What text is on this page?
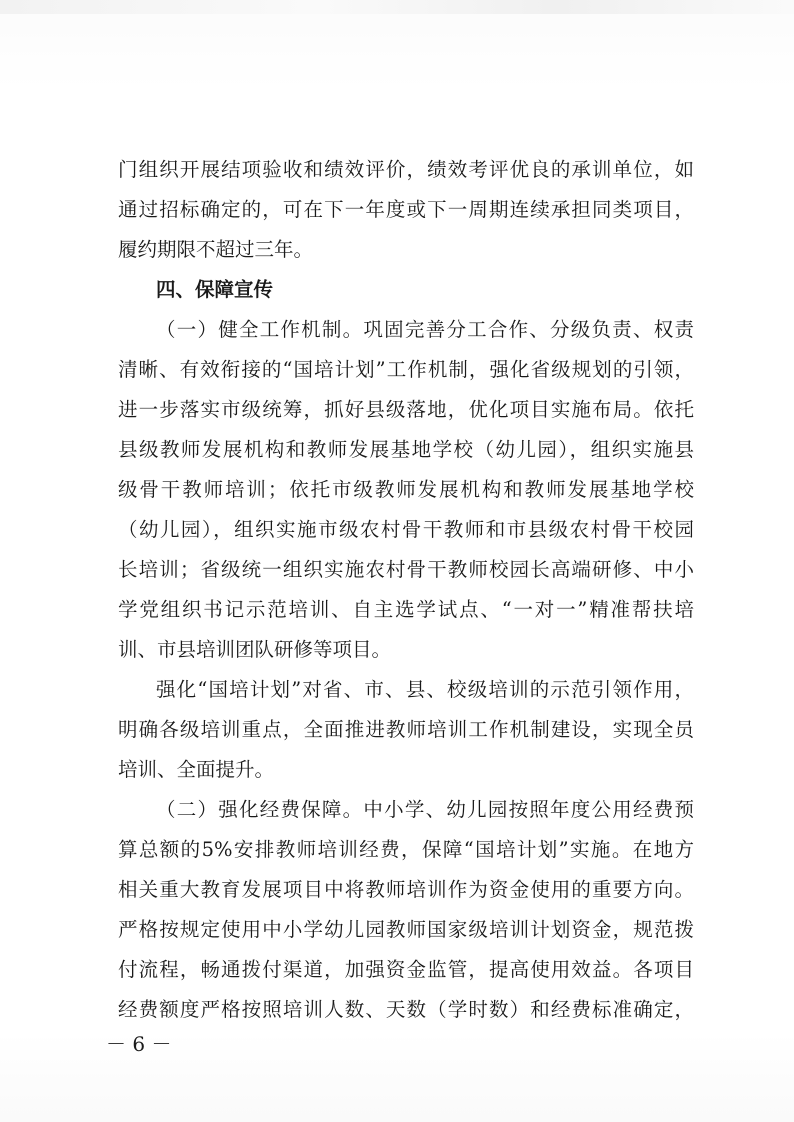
门组织开展结项验收和绩效评价，绩效考评优良的承训单位，如
通过招标确定的，可在下一年度或下一周期连续承担同类项目，
履约期限不超过三年。
四、保障宣传
（一）健全工作机制。巩固完善分工合作、分级负责、权责
清晰、有效衔接的“国培计划”工作机制，强化省级规划的引领，
进一步落实市级统筹，抓好县级落地，优化项目实施布局。依托
县级教师发展机构和教师发展基地学校（幼儿园），组织实施县
级骨干教师培训；依托市级教师发展机构和教师发展基地学校
（幼儿园），组织实施市级农村骨干教师和市县级农村骨干校园
长培训；省级统一组织实施农村骨干教师校园长高端研修、中小
学党组织书记示范培训、自主选学试点、“一对一”精准帮扶培
训、市县培训团队研修等项目。
强化“国培计划”对省、市、县、校级培训的示范引领作用，
明确各级培训重点，全面推进教师培训工作机制建设，实现全员
培训、全面提升。
（二）强化经费保障。中小学、幼儿园按照年度公用经费预
算总额的5%安排教师培训经费，保障“国培计划”实施。在地方
相关重大教育发展项目中将教师培训作为资金使用的重要方向。
严格按规定使用中小学幼儿园教师国家级培训计划资金，规范拨
付流程，畅通拨付渠道，加强资金监管，提高使用效益。各项目
经费额度严格按照培训人数、天数（学时数）和经费标准确定，
－ 6 －
